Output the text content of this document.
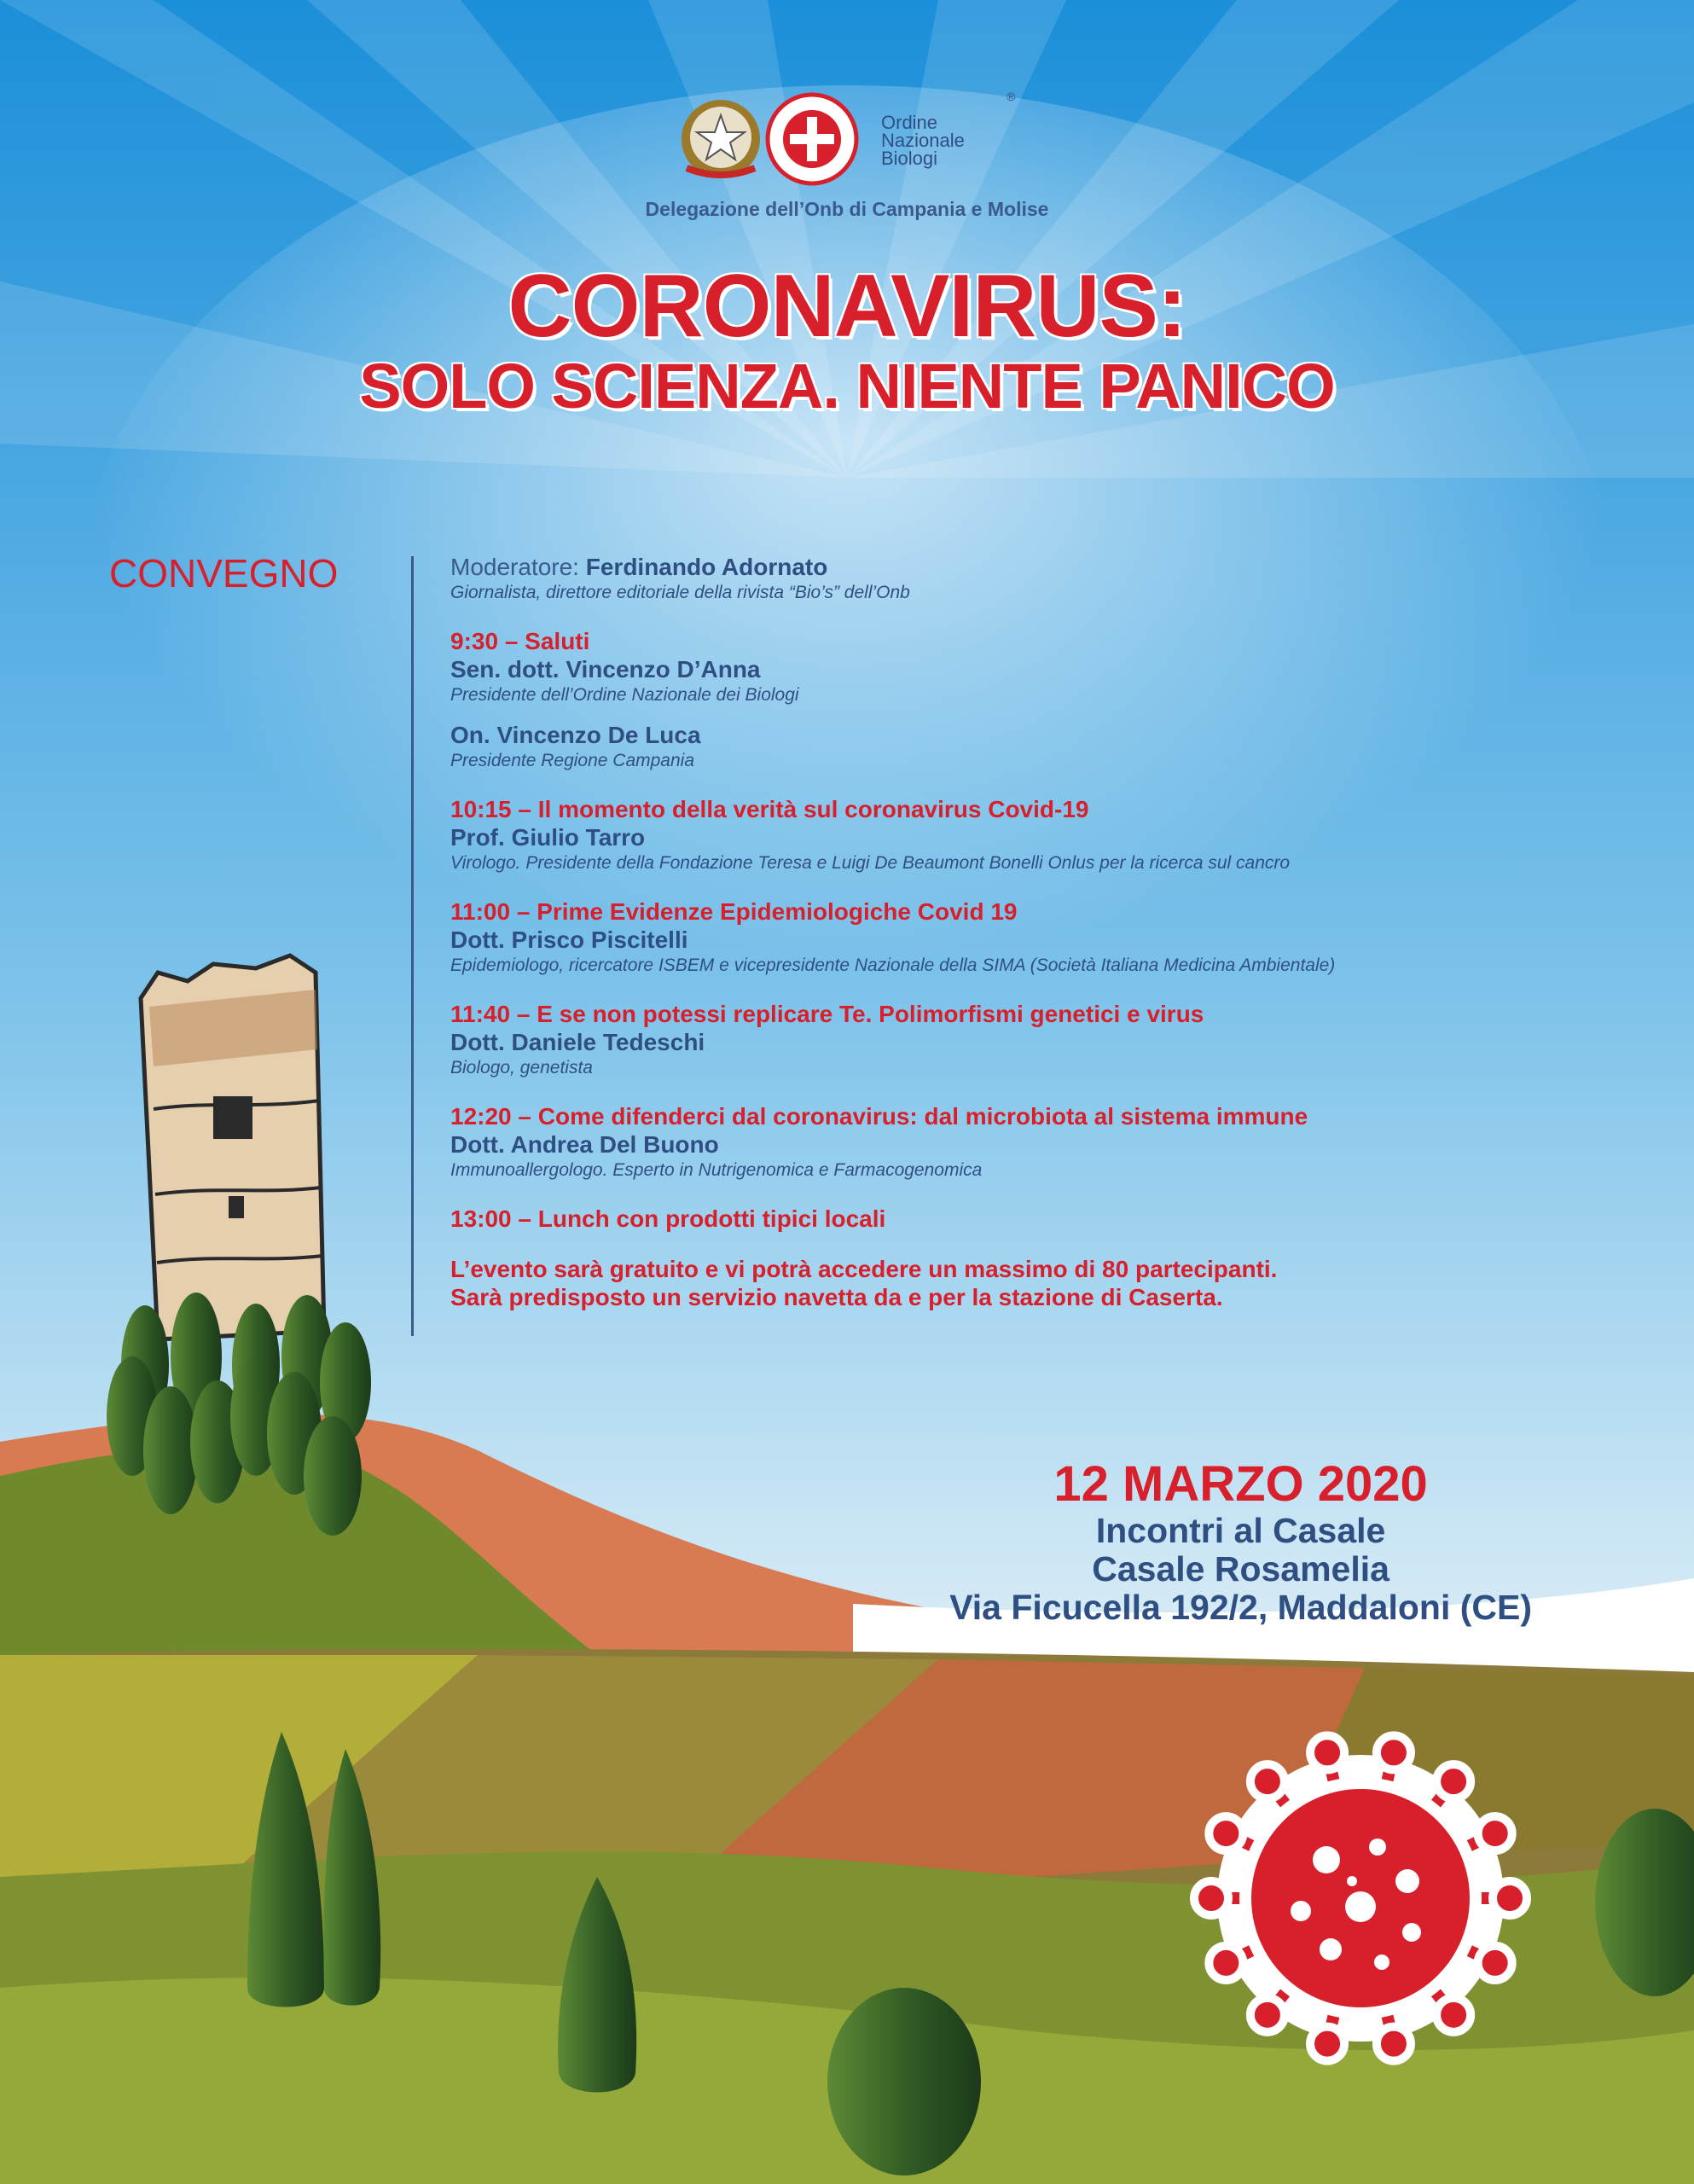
Ordine
Nazionale
Biologi
®
Delegazione dell’Onb di Campania e Molise
CORONAVIRUS:
SOLO SCIENZA. NIENTE PANICO
CONVEGNO	Moderatore: Ferdinando Adornato
Giornalista, direttore editoriale della rivista “Bio’s” dell’Onb
9:30 – Saluti
Sen. dott. Vincenzo D’Anna
Presidente dell’Ordine Nazionale dei Biologi
On. Vincenzo De Luca
Presidente Regione Campania
10:15 – Il momento della verità sul coronavirus Covid-19
Prof. Giulio Tarro
Virologo. Presidente della Fondazione Teresa e Luigi De Beaumont Bonelli Onlus per la ricerca sul cancro
11:00 – Prime Evidenze Epidemiologiche Covid 19
Dott. Prisco Piscitelli
Epidemiologo, ricercatore ISBEM e vicepresidente Nazionale della SIMA (Società Italiana Medicina Ambientale)
11:40 – E se non potessi replicare Te. Polimorfismi genetici e virus
Dott. Daniele Tedeschi
Biologo, genetista
12:20 – Come difenderci dal coronavirus: dal microbiota al sistema immune
Dott. Andrea Del Buono
Immunoallergologo. Esperto in Nutrigenomica e Farmacogenomica
13:00 – Lunch con prodotti tipici locali
L’evento sarà gratuito e vi potrà accedere un massimo di 80 partecipanti.
Sarà predisposto un servizio navetta da e per la stazione di Caserta.
12 MARZO 2020
Incontri al Casale
Casale Rosamelia
Via Ficucella 192/2, Maddaloni (CE)
